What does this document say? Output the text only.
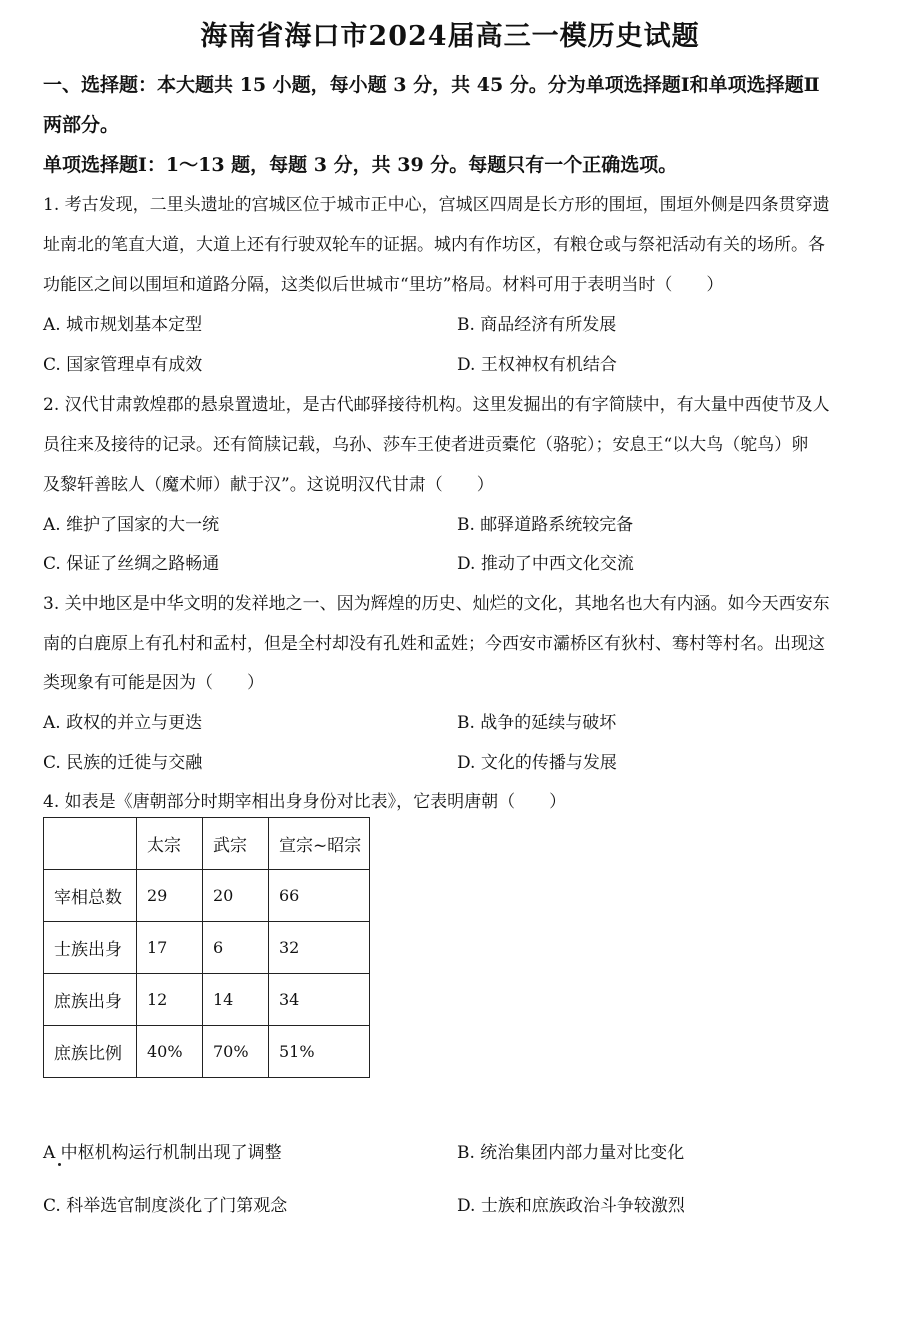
海南省海口市2024届高三一模历史试题
一、选择题：本大题共 15 小题，每小题 3 分，共 45 分。分为单项选择题Ⅰ和单项选择题Ⅱ
两部分。
单项选择题Ⅰ：1～13 题，每题 3 分，共 39 分。每题只有一个正确选项。
1. 考古发现，二里头遗址的宫城区位于城市正中心，宫城区四周是长方形的围垣，围垣外侧是四条贯穿遗
址南北的笔直大道，大道上还有行驶双轮车的证据。城内有作坊区，有粮仓或与祭祀活动有关的场所。各
功能区之间以围垣和道路分隔，这类似后世城市“里坊”格局。材料可用于表明当时（　　）
A. 城市规划基本定型	B. 商品经济有所发展
C. 国家管理卓有成效	D. 王权神权有机结合
2. 汉代甘肃敦煌郡的悬泉置遗址，是古代邮驿接待机构。这里发掘出的有字简牍中，有大量中西使节及人
员往来及接待的记录。还有简牍记载，乌孙、莎车王使者进贡橐佗（骆驼）；安息王“以大鸟（鸵鸟）卵
及黎轩善眩人（魔术师）献于汉”。这说明汉代甘肃（　　）
A. 维护了国家的大一统	B. 邮驿道路系统较完备
C. 保证了丝绸之路畅通	D. 推动了中西文化交流
3. 关中地区是中华文明的发祥地之一、因为辉煌的历史、灿烂的文化，其地名也大有内涵。如今天西安东
南的白鹿原上有孔村和孟村，但是全村却没有孔姓和孟姓；今西安市灞桥区有狄村、骞村等村名。出现这
类现象有可能是因为（　　）
A. 政权的并立与更迭	B. 战争的延续与破坏
C. 民族的迁徙与交融	D. 文化的传播与发展
4. 如表是《唐朝部分时期宰相出身身份对比表》，它表明唐朝（　　）
	太宗	武宗	宣宗~昭宗
宰相总数	29	20	66
士族出身	17	6	32
庶族出身	12	14	34
庶族比例	40%	70%	51%
A 中枢机构运行机制出现了调整	B. 统治集团内部力量对比变化
C. 科举选官制度淡化了门第观念	D. 士族和庶族政治斗争较激烈
